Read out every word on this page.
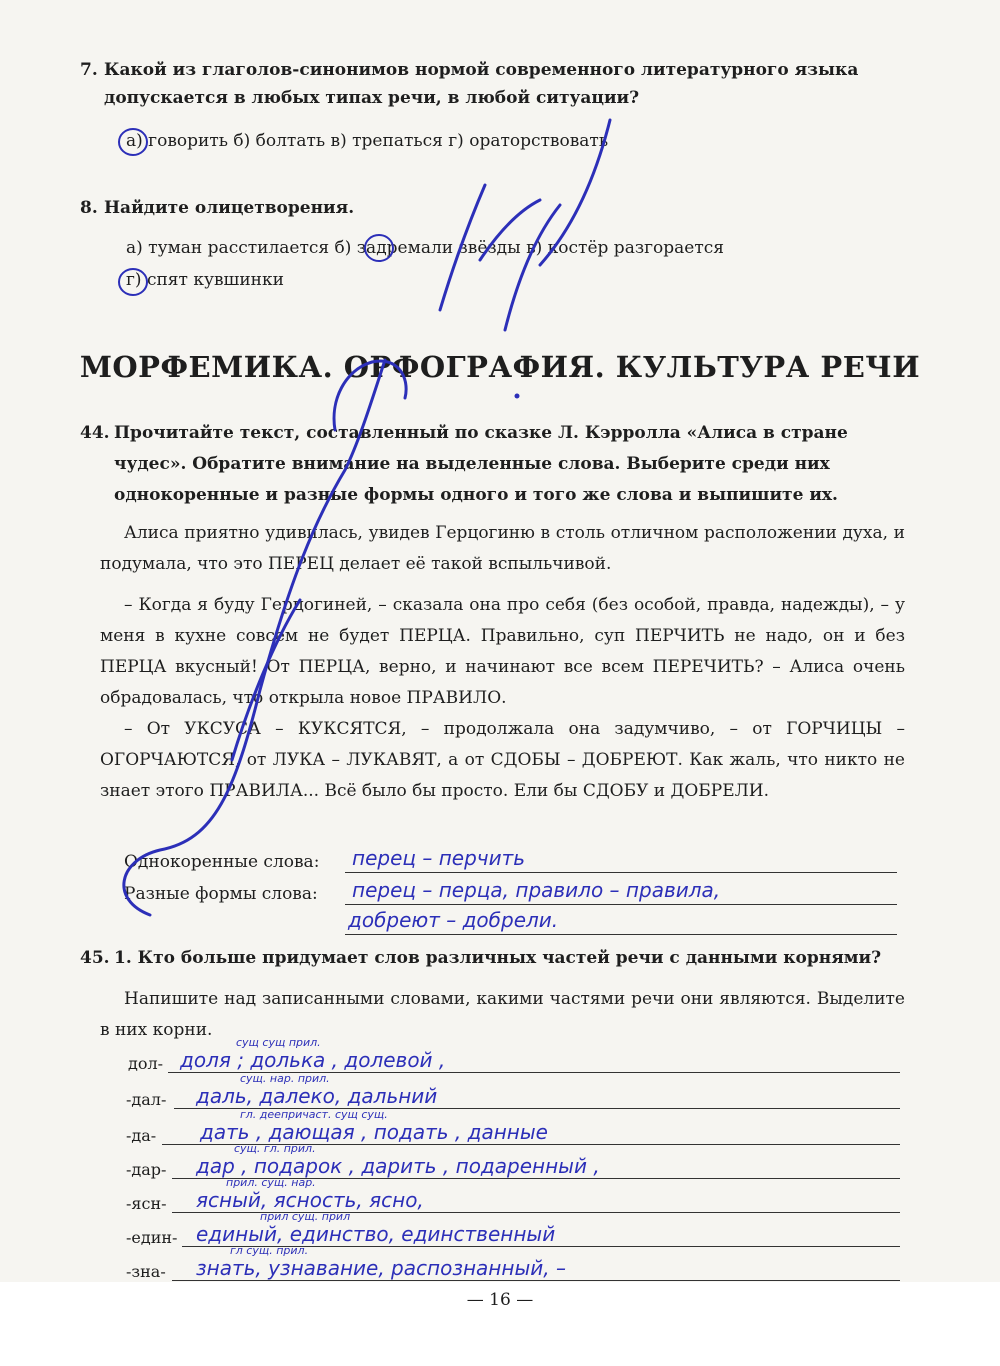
7. Какой из глаголов-синонимов нормой современного литературного языка допускается в любых типах речи, в любой ситуации?
а) говорить б) болтать в) трепаться г) ораторствовать
8. Найдите олицетворения.
а) туман расстилается б) задремали звёзды в) костёр разгорается
г) спят кувшинки
МОРФЕМИКА. ОРФОГРАФИЯ. КУЛЬТУРА РЕЧИ
44. Прочитайте текст, составленный по сказке Л. Кэрролла «Алиса в стране чудес». Обратите внимание на выделенные слова. Выберите среди них однокоренные и разные формы одного и того же слова и выпишите их.
Алиса приятно удивилась, увидев Герцогиню в столь отличном расположении духа, и подумала, что это ПЕРЕЦ делает её такой вспыльчивой.
– Когда я буду Герцогиней, – сказала она про себя (без особой, правда, надежды), – у меня в кухне совсем не будет ПЕРЦА. Правильно, суп ПЕРЧИТЬ не надо, он и без ПЕРЦА вкусный! От ПЕРЦА, верно, и начинают все всем ПЕРЕЧИТЬ? – Алиса очень обрадовалась, что открыла новое ПРАВИЛО.
– От УКСУСА – КУКСЯТСЯ, – продолжала она задумчиво, – от ГОРЧИЦЫ – ОГОРЧАЮТСЯ, от ЛУКА – ЛУКАВЯТ, а от СДОБЫ – ДОБРЕЮТ. Как жаль, что никто не знает этого ПРАВИЛА... Всё было бы просто. Ели бы СДОБУ и ДОБРЕЛИ.
Однокоренные слова: перец – перчить
Разные формы слова: перец – перца, правило – правила,
добреют – добрели.
45. 1. Кто больше придумает слов различных частей речи с данными корнями?
Напишите над записанными словами, какими частями речи они являются. Выделите в них корни.
дол-
сущ сущ прил.
доля ; долька , долевой ,
-дал-
сущ. нар. прил.
даль, далеко, дальний
-да-
гл. деепричаст. сущ сущ.
дать , дающая , подать , данные
-дар-
сущ. гл. прил.
дар , подарок , дарить , подаренный ,
-ясн-
прил. сущ. нар.
ясный, ясность, ясно,
-един-
прил сущ. прил
единый, единство, единственный
-зна-
гл сущ. прил.
знать, узнавание, распознанный, –
— 16 —
